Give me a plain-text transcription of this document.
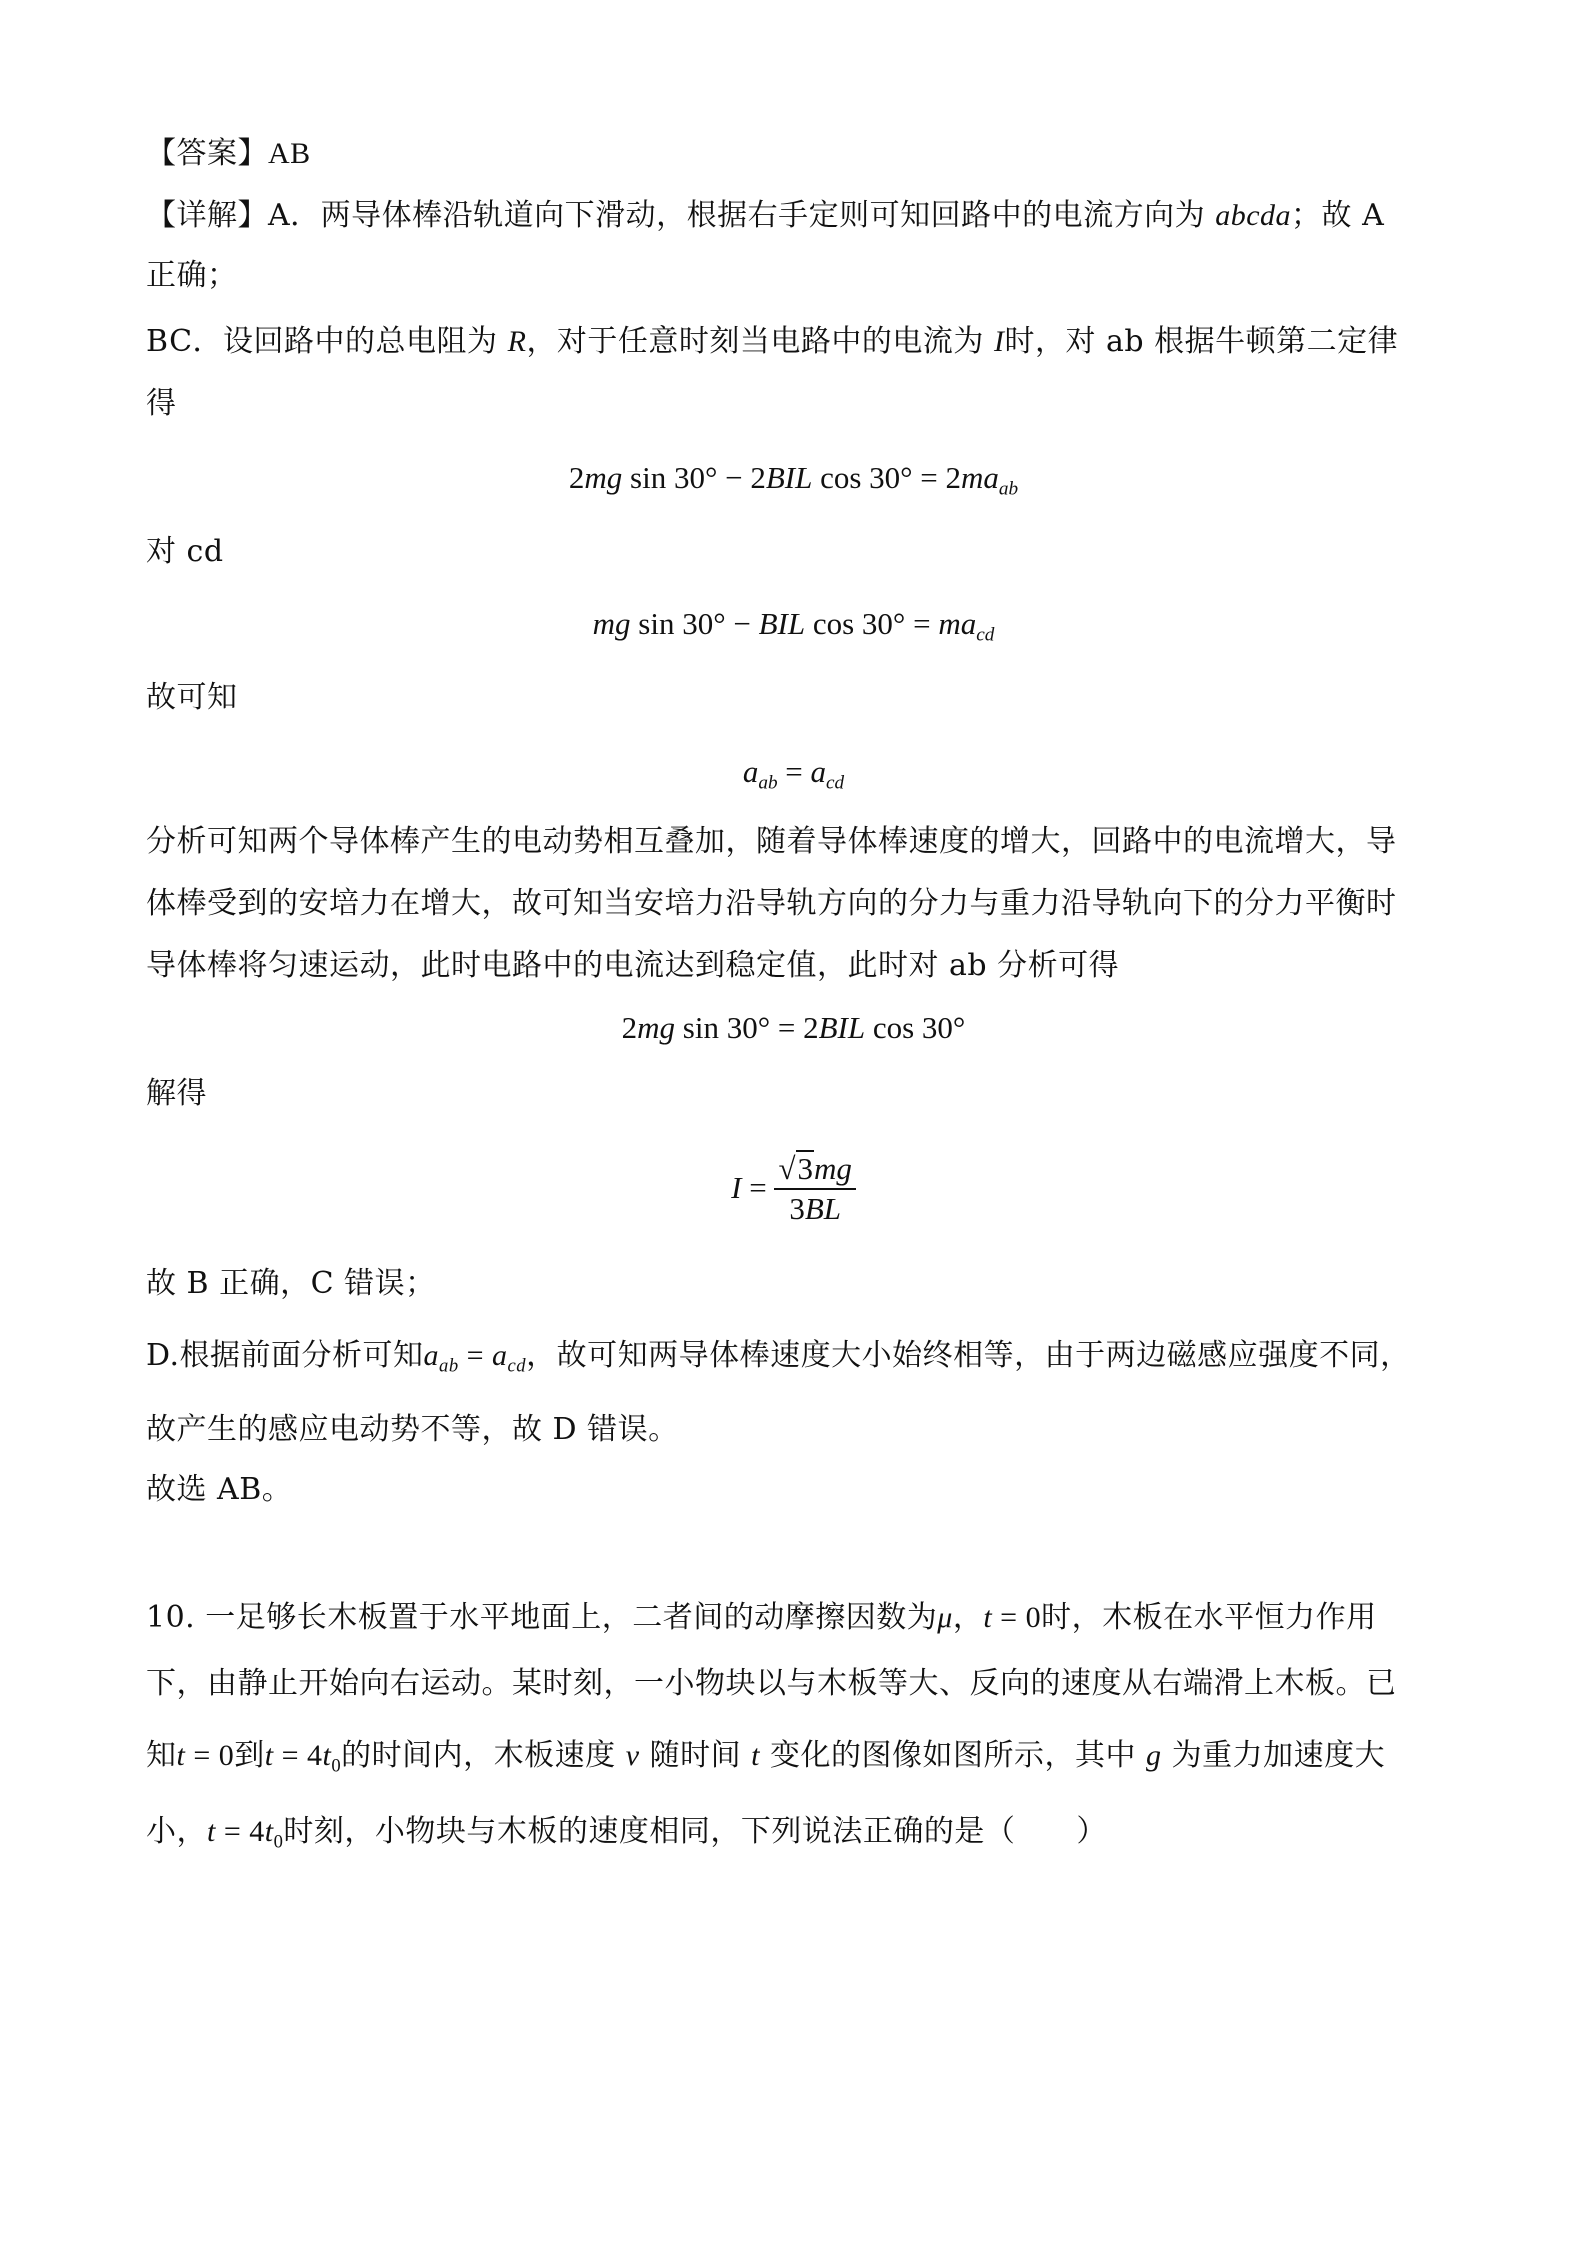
【答案】AB
【详解】A．两导体棒沿轨道向下滑动，根据右手定则可知回路中的电流方向为 abcda；故 A
正确；
BC．设回路中的总电阻为 R，对于任意时刻当电路中的电流为 I时，对 ab 根据牛顿第二定律
得
2mg sin 30° − 2BIL $\cos 30^\circ = 2ma_{ab}$
对 cd
mg sin 30° − BIL $\cos 30^\circ = ma_{cd}$
故可知
$a_{ab} = a_{cd}$
分析可知两个导体棒产生的电动势相互叠加，随着导体棒速度的增大，回路中的电流增大，导
体棒受到的安培力在增大，故可知当安培力沿导轨方向的分力与重力沿导轨向下的分力平衡时
导体棒将匀速运动，此时电路中的电流达到稳定值，此时对 ab 分析可得
2mg sin 30° = 2BIL cos 30°
解得
$I = \frac{√3mg}{3BL}$
故 B 正确，C 错误；
D.根据前面分析可知$a_{ab} = a_{cd}$，故可知两导体棒速度大小始终相等，由于两边磁感应强度不同，
故产生的感应电动势不等，故 D 错误。
故选 AB。
10. 一足够长木板置于水平地面上，二者间的动摩擦因数为μ，t = 0时，木板在水平恒力作用
下，由静止开始向右运动。某时刻，一小物块以与木板等大、反向的速度从右端滑上木板。已
知t = 0到$t = 4t_0$的时间内，木板速度 v 随时间 t 变化的图像如图所示，其中 g 为重力加速度大
小，$t = 4t_0$时刻，小物块与木板的速度相同，下列说法正确的是（　　）
